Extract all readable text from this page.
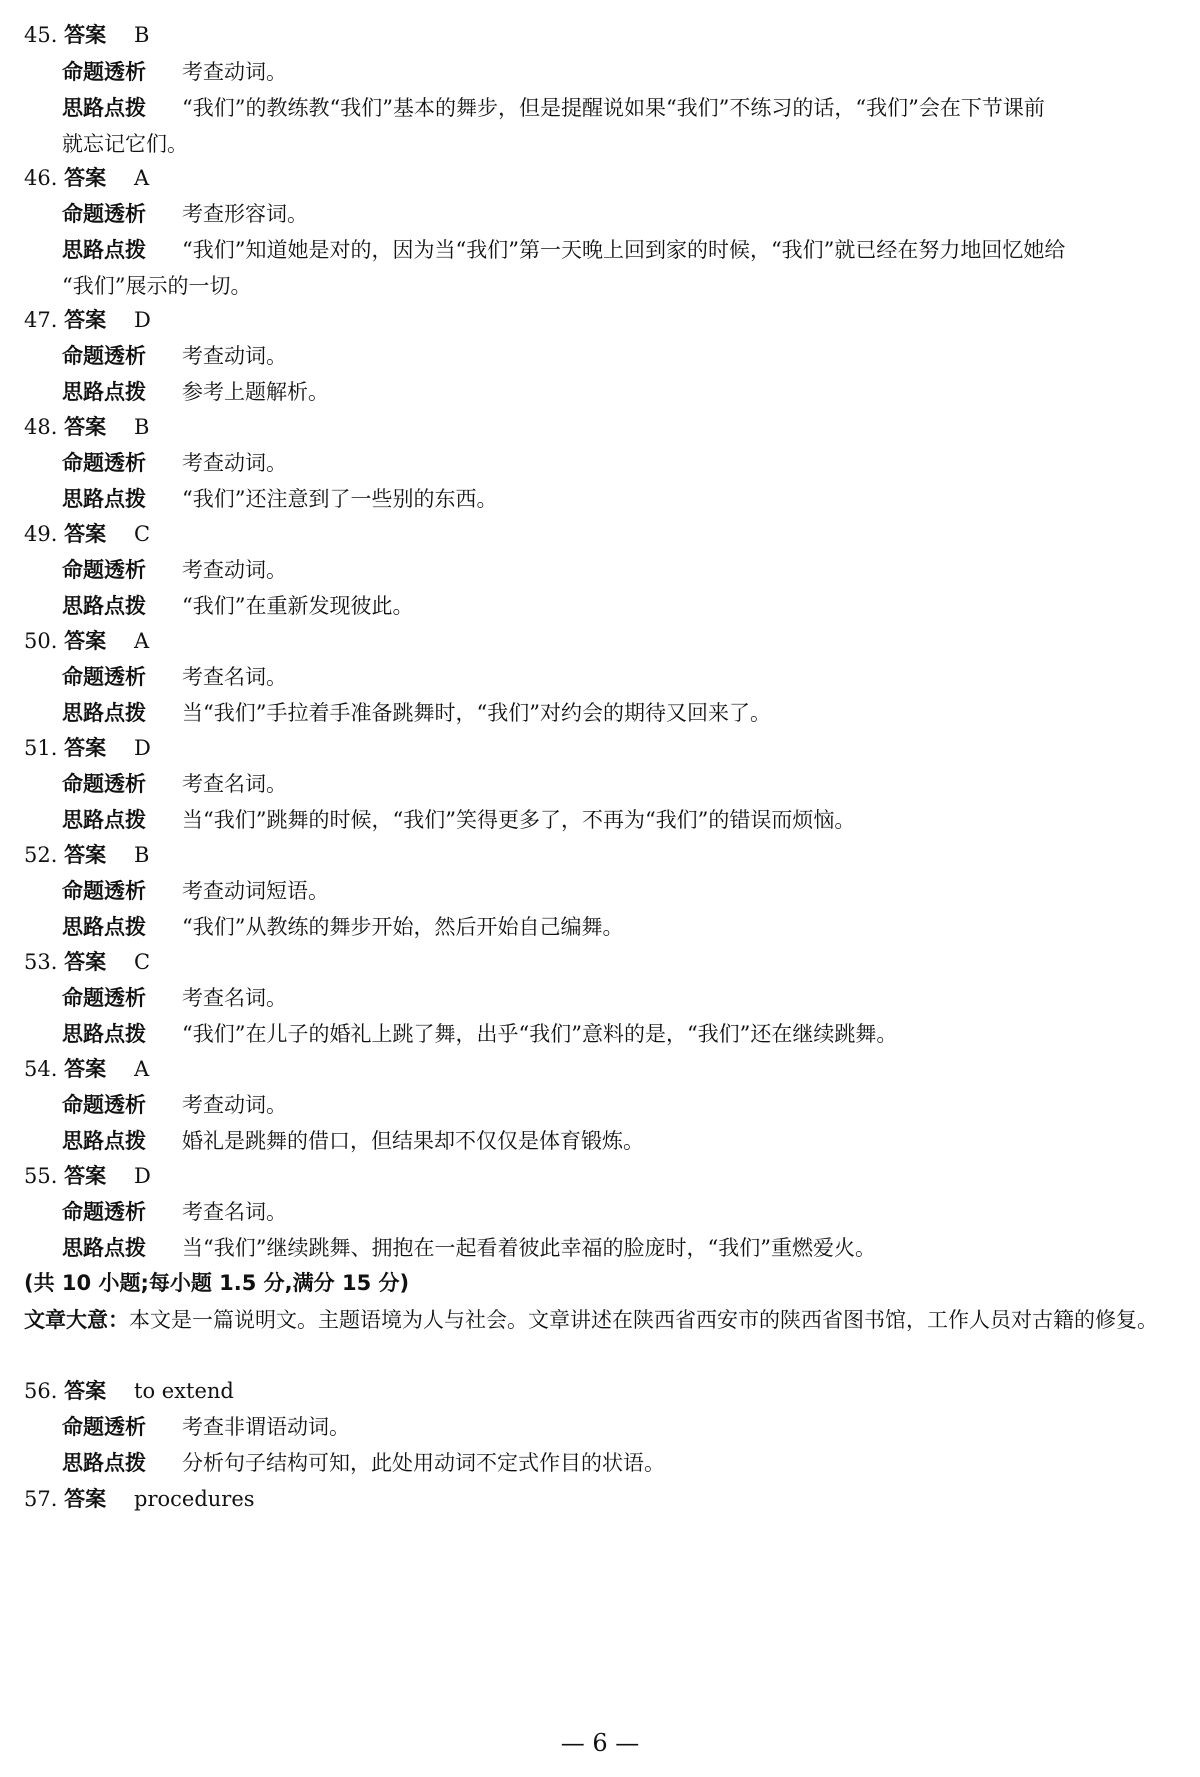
45. 答案 B
命题透析 考查动词。
思路点拨 “我们”的教练教“我们”基本的舞步，但是提醒说如果“我们”不练习的话，“我们”会在下节课前
就忘记它们。
46. 答案 A
命题透析 考查形容词。
思路点拨 “我们”知道她是对的，因为当“我们”第一天晚上回到家的时候，“我们”就已经在努力地回忆她给
“我们”展示的一切。
47. 答案 D
命题透析 考查动词。
思路点拨 参考上题解析。
48. 答案 B
命题透析 考查动词。
思路点拨 “我们”还注意到了一些别的东西。
49. 答案 C
命题透析 考查动词。
思路点拨 “我们”在重新发现彼此。
50. 答案 A
命题透析 考查名词。
思路点拨 当“我们”手拉着手准备跳舞时，“我们”对约会的期待又回来了。
51. 答案 D
命题透析 考查名词。
思路点拨 当“我们”跳舞的时候，“我们”笑得更多了，不再为“我们”的错误而烦恼。
52. 答案 B
命题透析 考查动词短语。
思路点拨 “我们”从教练的舞步开始，然后开始自己编舞。
53. 答案 C
命题透析 考查名词。
思路点拨 “我们”在儿子的婚礼上跳了舞，出乎“我们”意料的是，“我们”还在继续跳舞。
54. 答案 A
命题透析 考查动词。
思路点拨 婚礼是跳舞的借口，但结果却不仅仅是体育锻炼。
55. 答案 D
命题透析 考查名词。
思路点拨 当“我们”继续跳舞、拥抱在一起看着彼此幸福的脸庞时，“我们”重燃爱火。
(共 10 小题;每小题 1.5 分,满分 15 分)
文章大意：本文是一篇说明文。主题语境为人与社会。文章讲述在陕西省西安市的陕西省图书馆，工作人员对古籍的修复。
56. 答案 to extend
命题透析 考查非谓语动词。
思路点拨 分析句子结构可知，此处用动词不定式作目的状语。
57. 答案 procedures
— 6 —
